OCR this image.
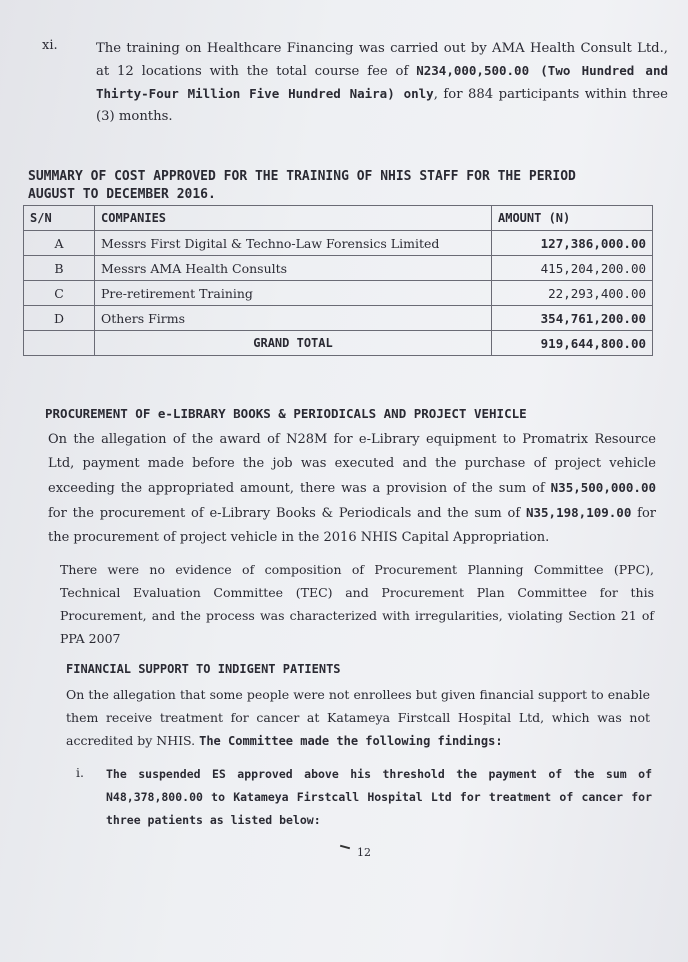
xi.	The training on Healthcare Financing was carried out by AMA Health Consult Ltd., at 12 locations with the total course fee of N234,000,500.00 (Two Hundred and Thirty-Four Million Five Hundred Naira) only, for 884 participants within three (3) months.
SUMMARY OF COST APPROVED FOR THE TRAINING OF NHIS STAFF FOR THE PERIOD AUGUST TO DECEMBER 2016.
S/N	COMPANIES	AMOUNT (N)
A	Messrs First Digital & Techno-Law Forensics Limited	127,386,000.00
B	Messrs AMA Health Consults	415,204,200.00
C	Pre-retirement Training	22,293,400.00
D	Others Firms	354,761,200.00
	GRAND TOTAL	919,644,800.00
PROCUREMENT OF e-LIBRARY BOOKS & PERIODICALS AND PROJECT VEHICLE
On the allegation of the award of N28M for e-Library equipment to Promatrix Resource Ltd, payment made before the job was executed and the purchase of project vehicle exceeding the appropriated amount, there was a provision of the sum of N35,500,000.00 for the procurement of e-Library Books & Periodicals and the sum of N35,198,109.00 for the procurement of project vehicle in the 2016 NHIS Capital Appropriation.
There were no evidence of composition of Procurement Planning Committee (PPC), Technical Evaluation Committee (TEC) and Procurement Plan Committee for this Procurement, and the process was characterized with irregularities, violating Section 21 of PPA 2007
FINANCIAL SUPPORT TO INDIGENT PATIENTS
On the allegation that some people were not enrollees but given financial support to enable them receive treatment for cancer at Katameya Firstcall Hospital Ltd, which was not accredited by NHIS. The Committee made the following findings:
i. The suspended ES approved above his threshold the payment of the sum of N48,378,800.00 to Katameya Firstcall Hospital Ltd for treatment of cancer for three patients as listed below:
12
